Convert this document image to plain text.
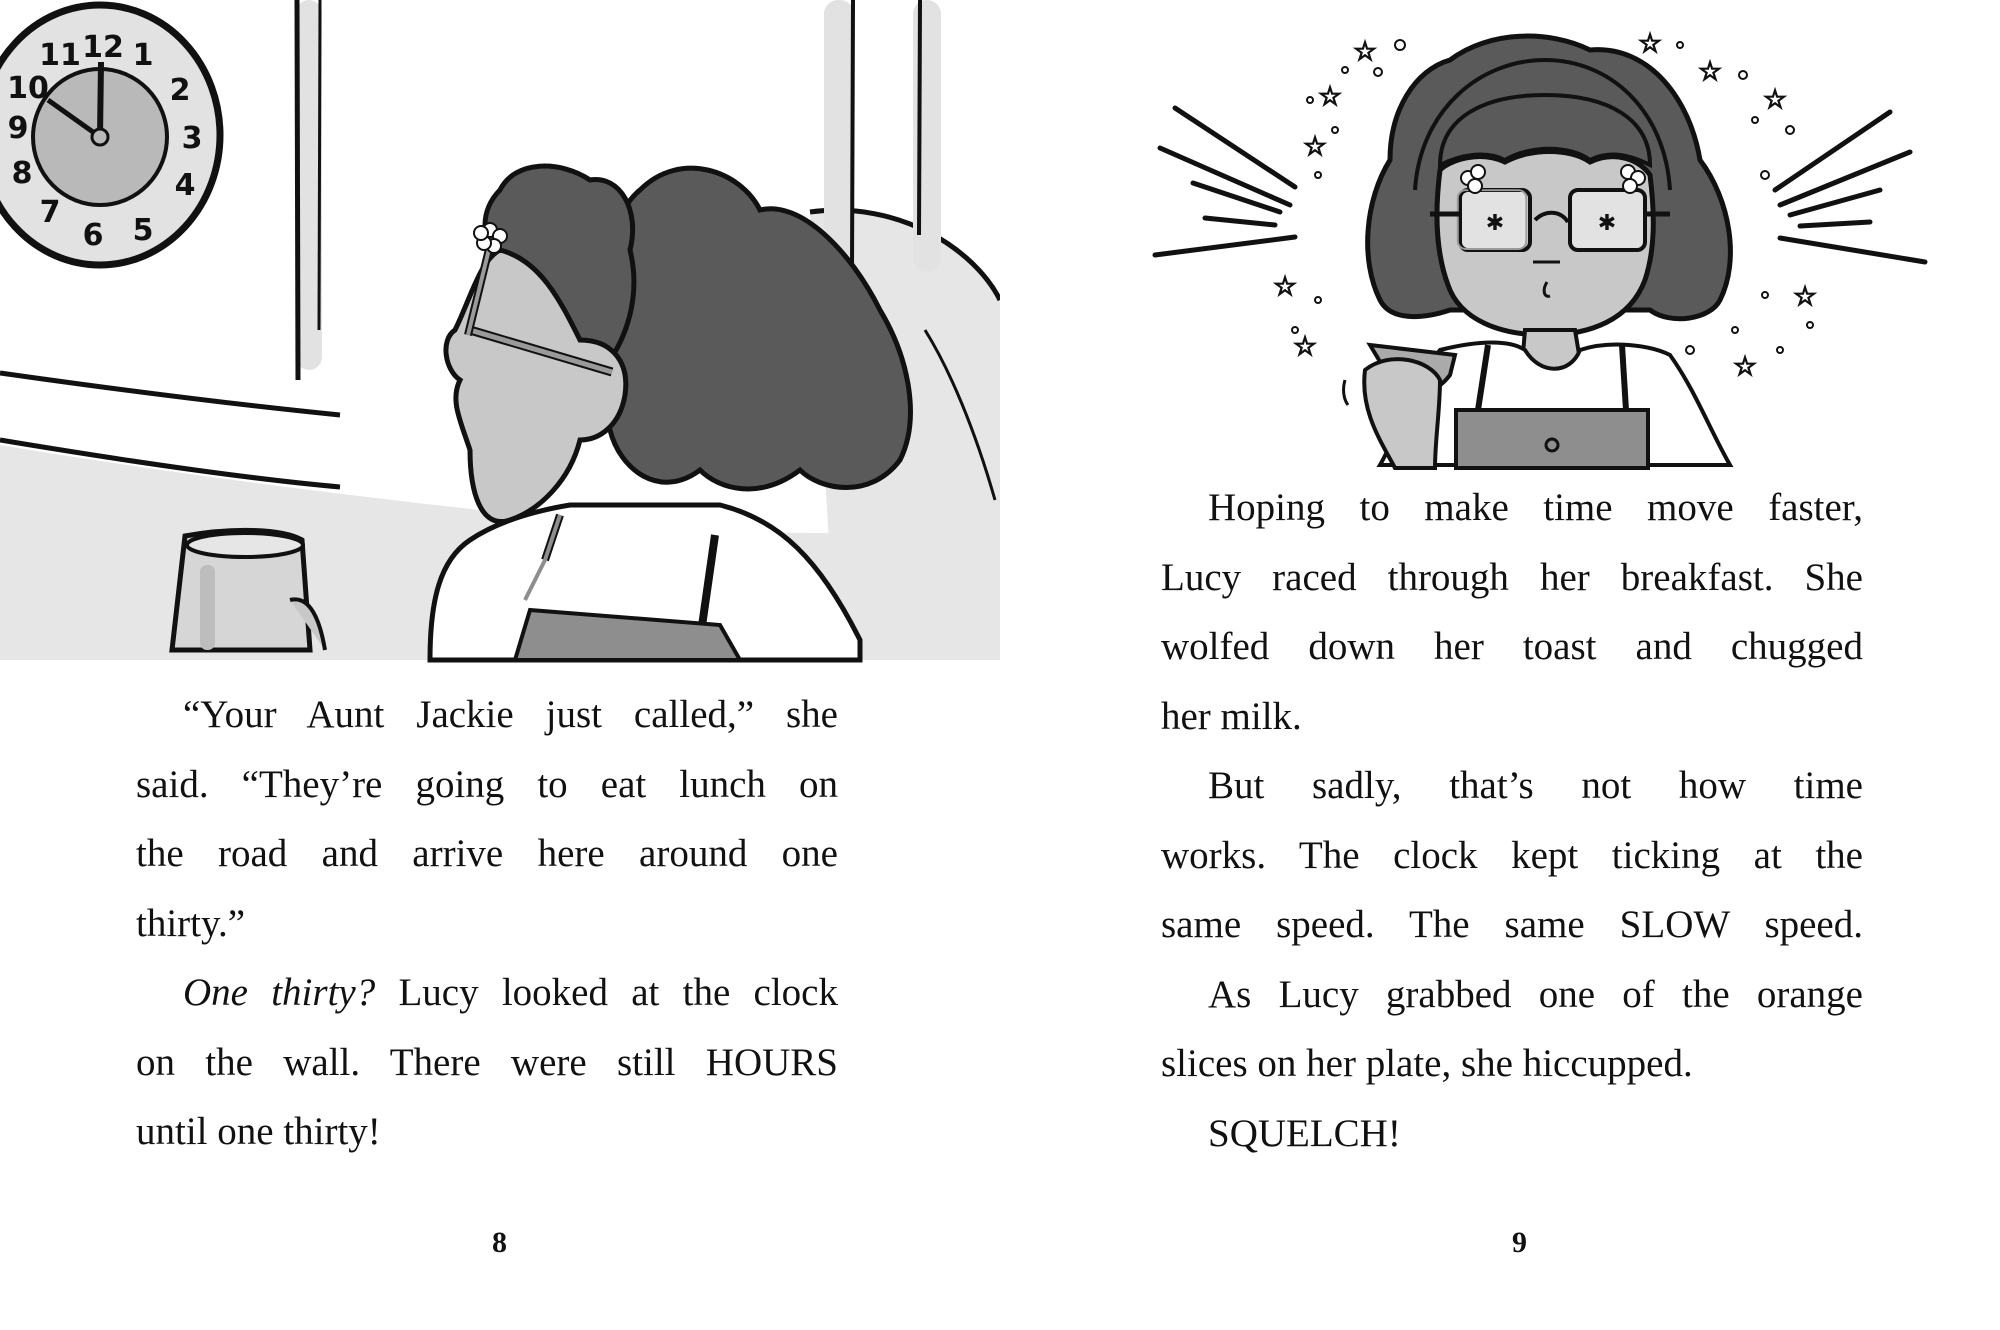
12 1
2
3
4
5
6
7
8
9
10
11	☆
☆
☆
☆
☆
☆
☆
☆
☆
☆
✱	✱
“Your Aunt Jackie just called,” she
said. “They’re going to eat lunch on
the road and arrive here around one
thirty.”
One thirty? Lucy looked at the clock
on the wall. There were still HOURS
until one thirty!
Hoping to make time move faster,
Lucy raced through her breakfast. She
wolfed down her toast and chugged
her milk.
But sadly, that’s not how time
works. The clock kept ticking at the
same speed. The same SLOW speed.
As Lucy grabbed one of the orange
slices on her plate, she hiccupped.
SQUELCH!
8	9
